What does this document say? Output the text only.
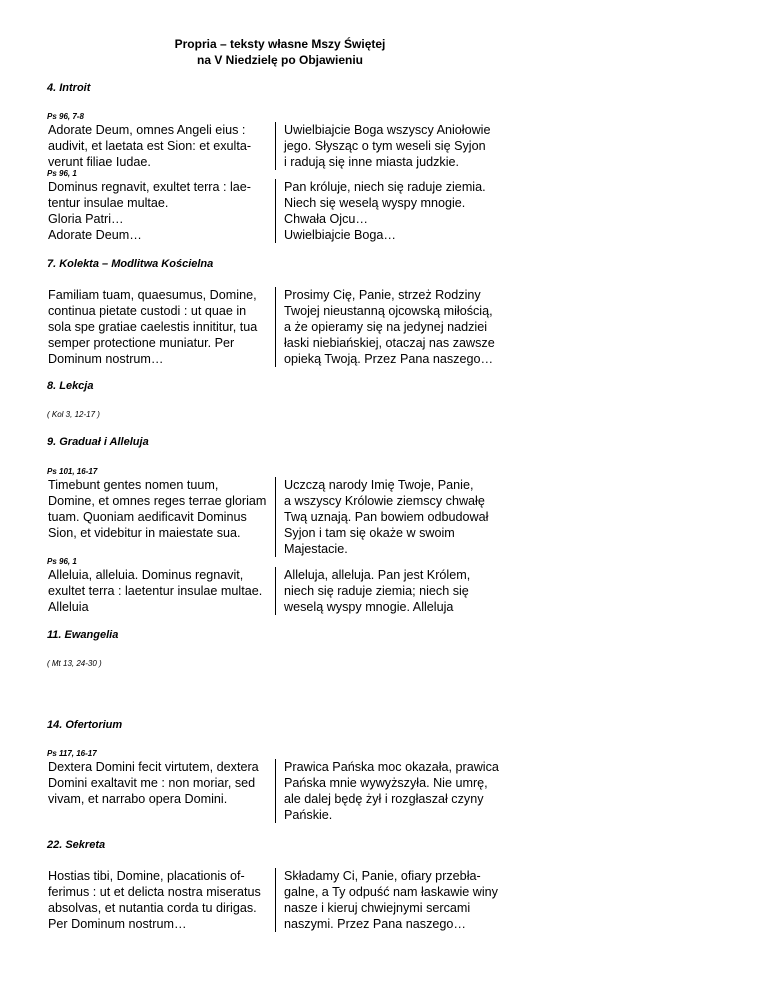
Propria – teksty własne Mszy Świętej
na V Niedzielę po Objawieniu
4. Introit
Ps 96, 7-8
Adorate Deum, omnes Angeli eius :
audivit, et laetata est Sion: et exulta-
verunt filiae Iudae.
Uwielbiajcie Boga wszyscy Aniołowie
jego. Słysząc o tym weseli się Syjon
i radują się inne miasta judzkie.
Ps 96, 1
Dominus regnavit, exultet terra : lae-
tentur insulae multae.
Gloria Patri…
Adorate Deum…
Pan króluje, niech się raduje ziemia.
Niech się weselą wyspy mnogie.
Chwała Ojcu…
Uwielbiajcie Boga…
7. Kolekta – Modlitwa Kościelna
Familiam tuam, quaesumus, Domine,
continua pietate custodi : ut quae in
sola spe gratiae caelestis innititur, tua
semper protectione muniatur. Per
Dominum nostrum…
Prosimy Cię, Panie, strzeż Rodziny
Twojej nieustanną ojcowską miłością,
a że opieramy się na jedynej nadziei
łaski niebiańskiej, otaczaj nas zawsze
opieką Twoją. Przez Pana naszego…
8. Lekcja
( Kol 3, 12-17 )
9. Graduał i Alleluja
Ps 101, 16-17
Timebunt gentes nomen tuum,
Domine, et omnes reges terrae gloriam
tuam. Quoniam aedificavit Dominus
Sion, et videbitur in maiestate sua.
Uczczą narody Imię Twoje, Panie,
a wszyscy Królowie ziemscy chwałę
Twą uznają. Pan bowiem odbudował
Syjon i tam się okaże w swoim
Majestacie.
Ps 96, 1
Alleluia, alleluia. Dominus regnavit,
exultet terra : laetentur insulae multae.
Alleluia
Alleluja, alleluja. Pan jest Królem,
niech się raduje ziemia; niech się
weselą wyspy mnogie. Alleluja
11. Ewangelia
( Mt 13, 24-30 )
14. Ofertorium
Ps 117, 16-17
Dextera Domini fecit virtutem, dextera
Domini exaltavit me : non moriar, sed
vivam, et narrabo opera Domini.
Prawica Pańska moc okazała, prawica
Pańska mnie wywyższyła. Nie umrę,
ale dalej będę żył i rozgłaszał czyny
Pańskie.
22. Sekreta
Hostias tibi, Domine, placationis of-
ferimus : ut et delicta nostra miseratus
absolvas, et nutantia corda tu dirigas.
Per Dominum nostrum…
Składamy Ci, Panie, ofiary przebła-
galne, a Ty odpuść nam łaskawie winy
nasze i kieruj chwiejnymi sercami
naszymi. Przez Pana naszego…
